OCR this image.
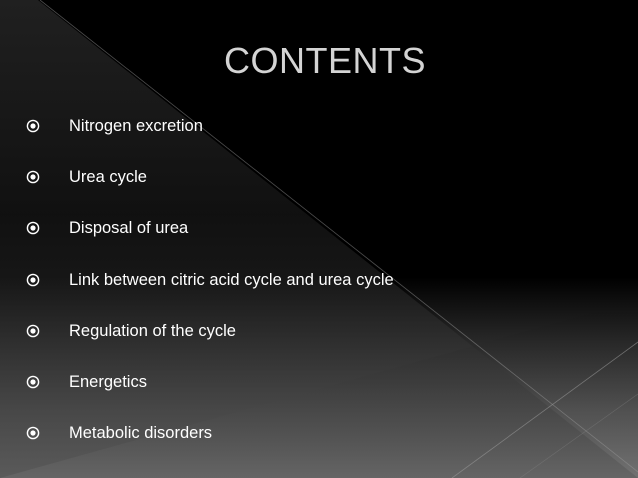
CONTENTS
Nitrogen excretion
Urea cycle
Disposal of urea
Link between citric acid cycle and urea cycle
Regulation of the cycle
Energetics
Metabolic disorders
